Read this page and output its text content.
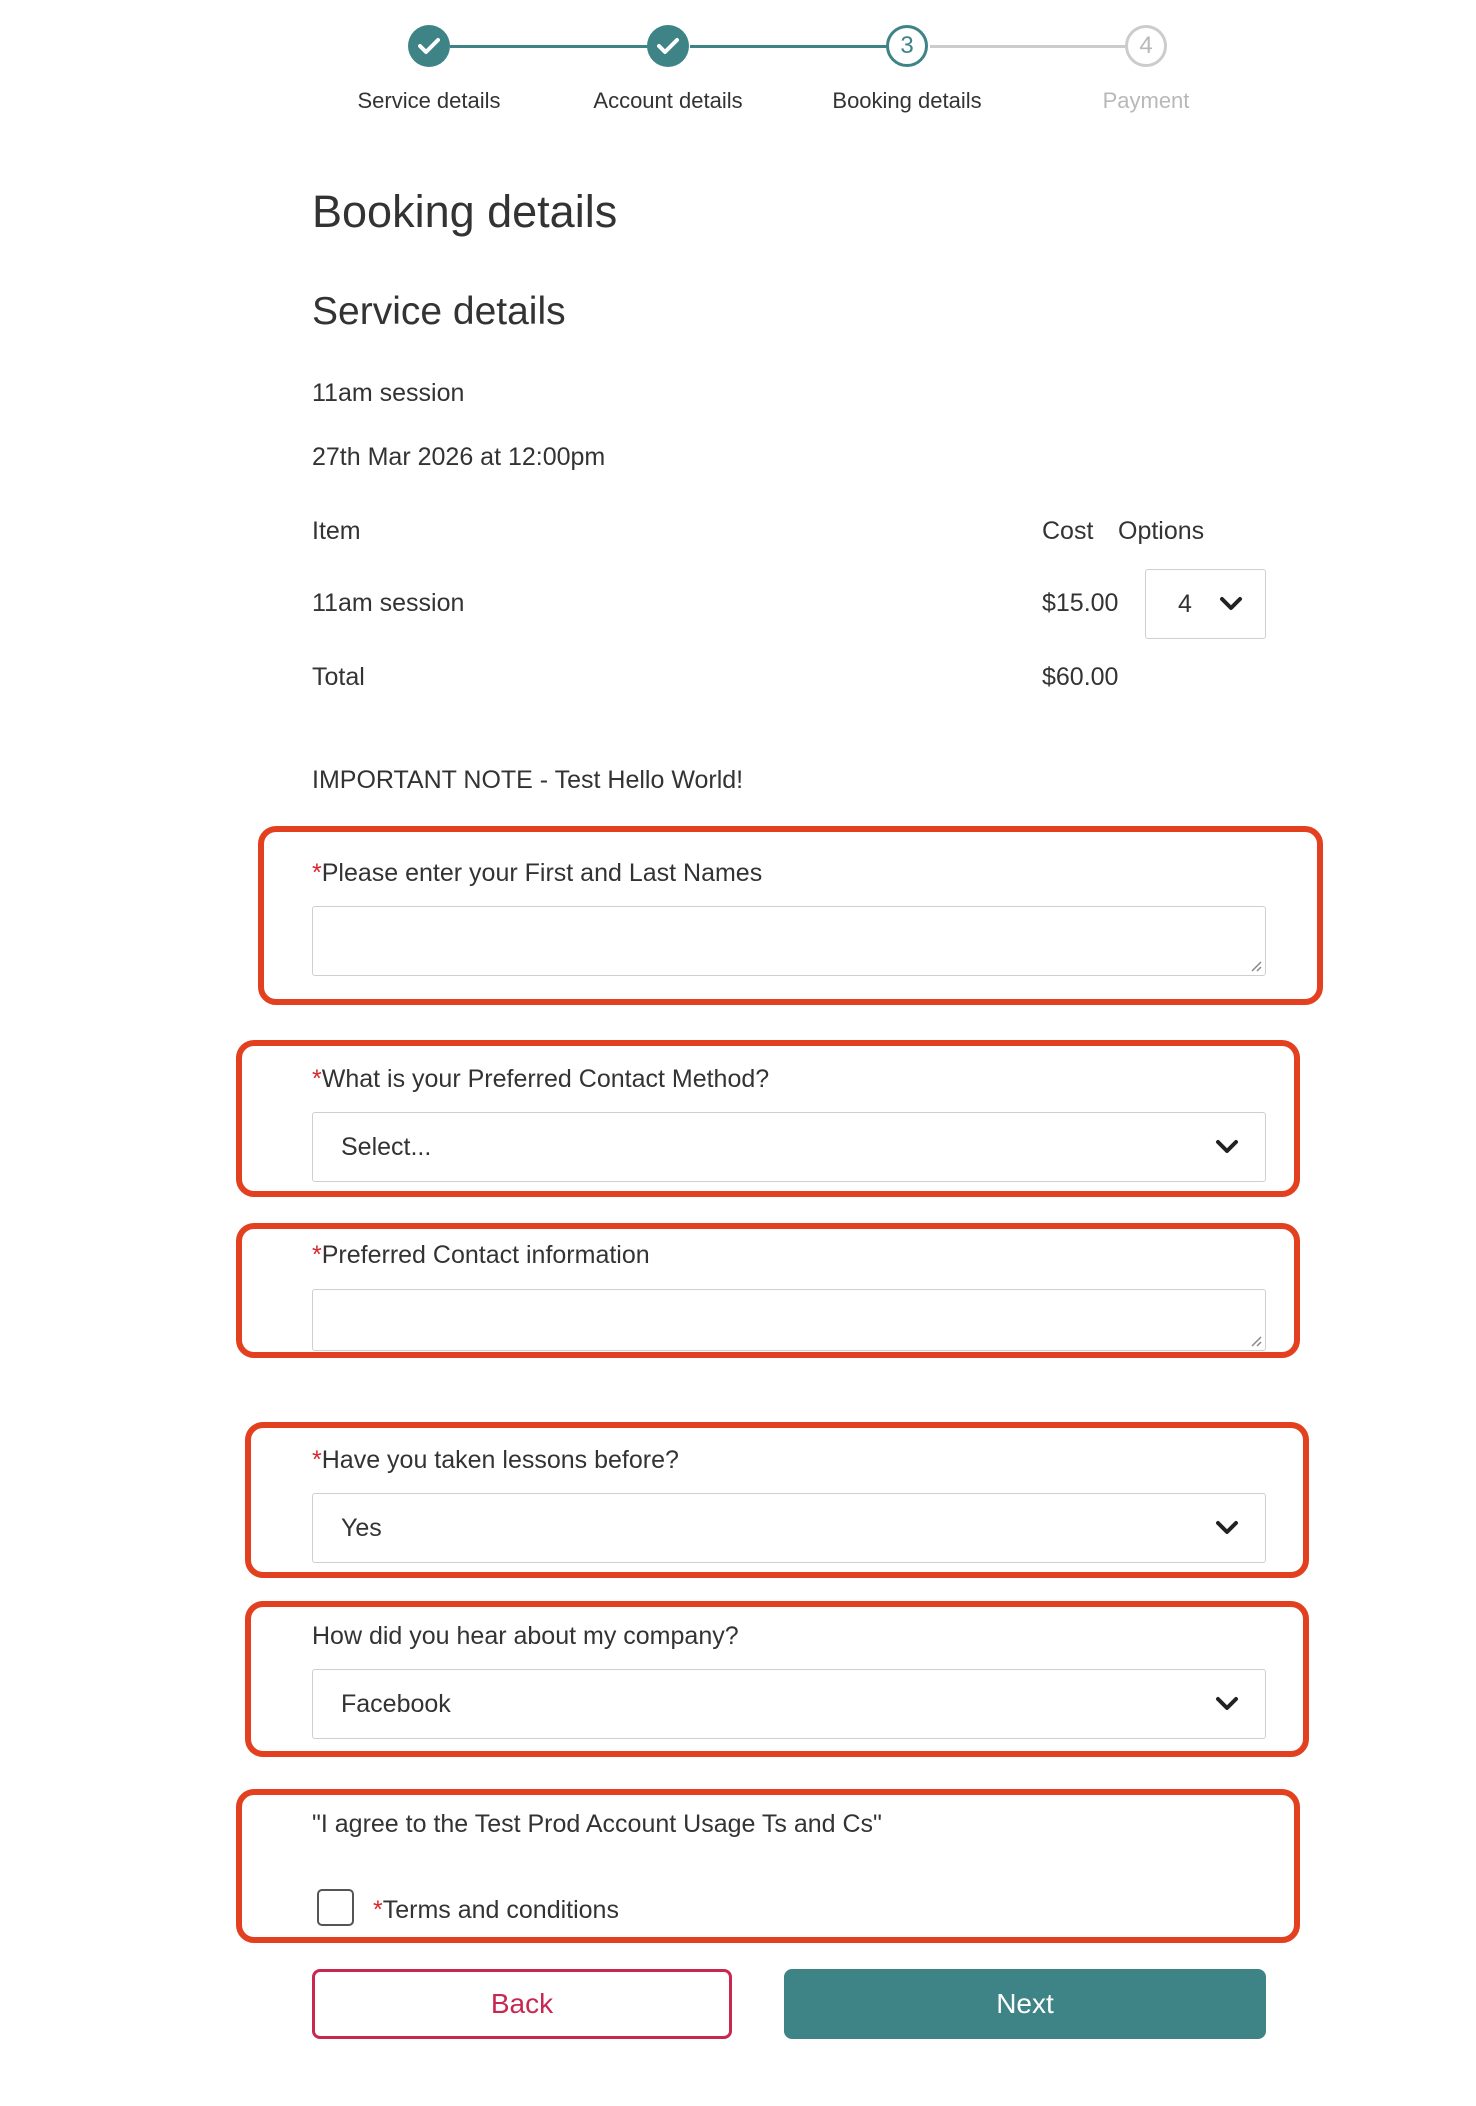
3	4
Service details	Account details	Booking details	Payment
Booking details
Service details
11am session
27th Mar 2026 at 12:00pm
Item	Cost Options
11am session	$15.00 4
Total	$60.00
IMPORTANT NOTE - Test Hello World!
*Please enter your First and Last Names
*What is your Preferred Contact Method?
Select...
*Preferred Contact information
*Have you taken lessons before?
Yes
How did you hear about my company?
Facebook
"I agree to the Test Prod Account Usage Ts and Cs"
*Terms and conditions
Back	Next
